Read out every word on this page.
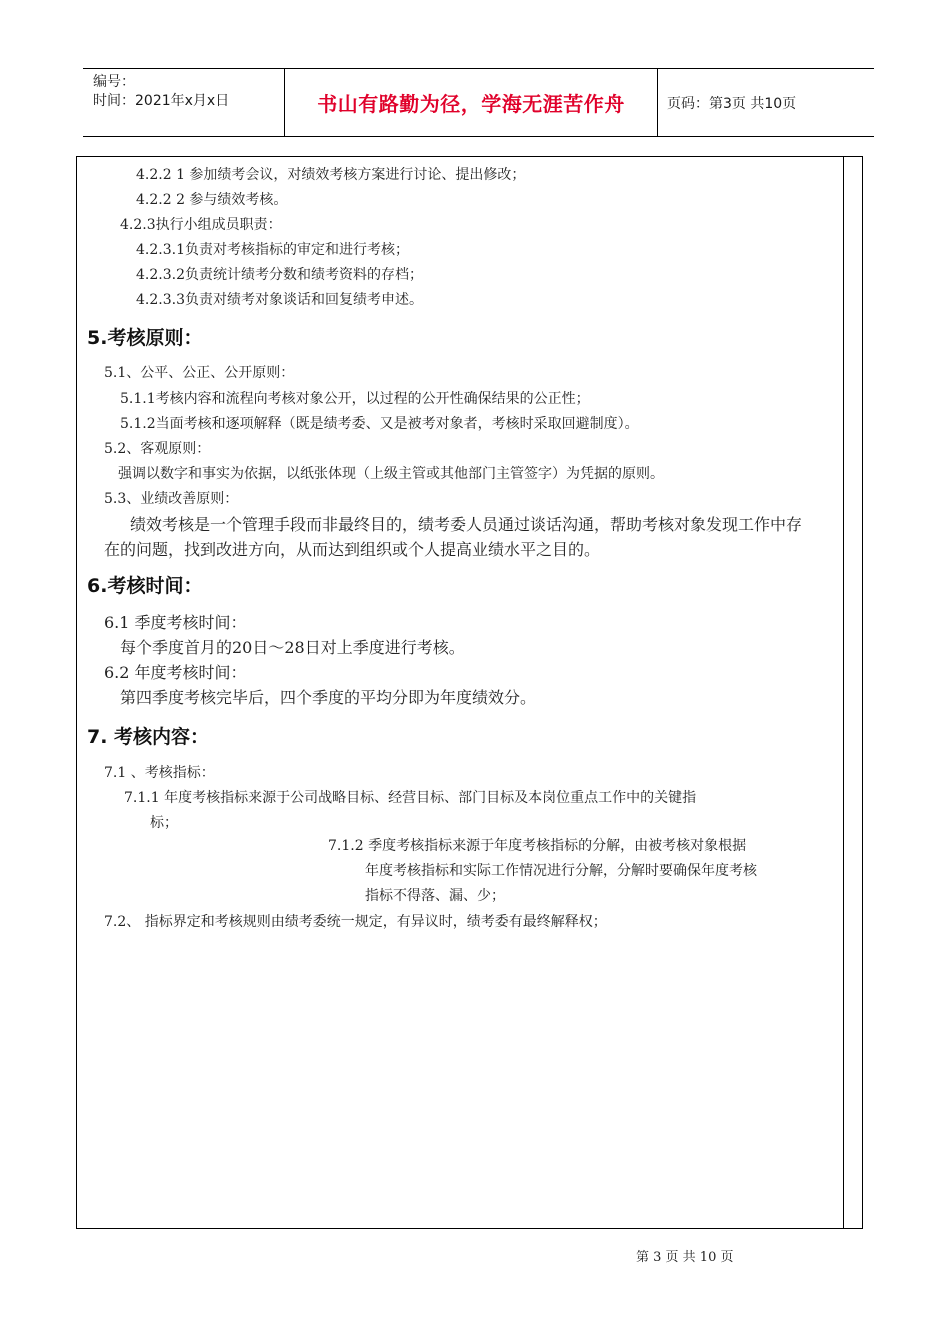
编号：
时间：2021年x月x日	书山有路勤为径，学海无涯苦作舟	页码：第3页 共10页
4.2.2 1 参加绩考会议，对绩效考核方案进行讨论、提出修改；
4.2.2 2 参与绩效考核。
4.2.3执行小组成员职责：
4.2.3.1负责对考核指标的审定和进行考核；
4.2.3.2负责统计绩考分数和绩考资料的存档；
4.2.3.3负责对绩考对象谈话和回复绩考申述。
5.考核原则：
5.1、公平、公正、公开原则：
5.1.1考核内容和流程向考核对象公开，以过程的公开性确保结果的公正性；
5.1.2当面考核和逐项解释（既是绩考委、又是被考对象者，考核时采取回避制度）。
5.2、客观原则：
强调以数字和事实为依据，以纸张体现（上级主管或其他部门主管签字）为凭据的原则。
5.3、业绩改善原则：
绩效考核是一个管理手段而非最终目的，绩考委人员通过谈话沟通，帮助考核对象发现工作中存
在的问题，找到改进方向，从而达到组织或个人提高业绩水平之目的。
6.考核时间：
6.1 季度考核时间：
每个季度首月的20日～28日对上季度进行考核。
6.2 年度考核时间：
第四季度考核完毕后，四个季度的平均分即为年度绩效分。
7. 考核内容：
7.1 、考核指标：
7.1.1 年度考核指标来源于公司战略目标、经营目标、部门目标及本岗位重点工作中的关键指
标；
7.1.2 季度考核指标来源于年度考核指标的分解，由被考核对象根据
年度考核指标和实际工作情况进行分解，分解时要确保年度考核
指标不得落、漏、少；
7.2、 指标界定和考核规则由绩考委统一规定，有异议时，绩考委有最终解释权；
第 3 页 共 10 页
